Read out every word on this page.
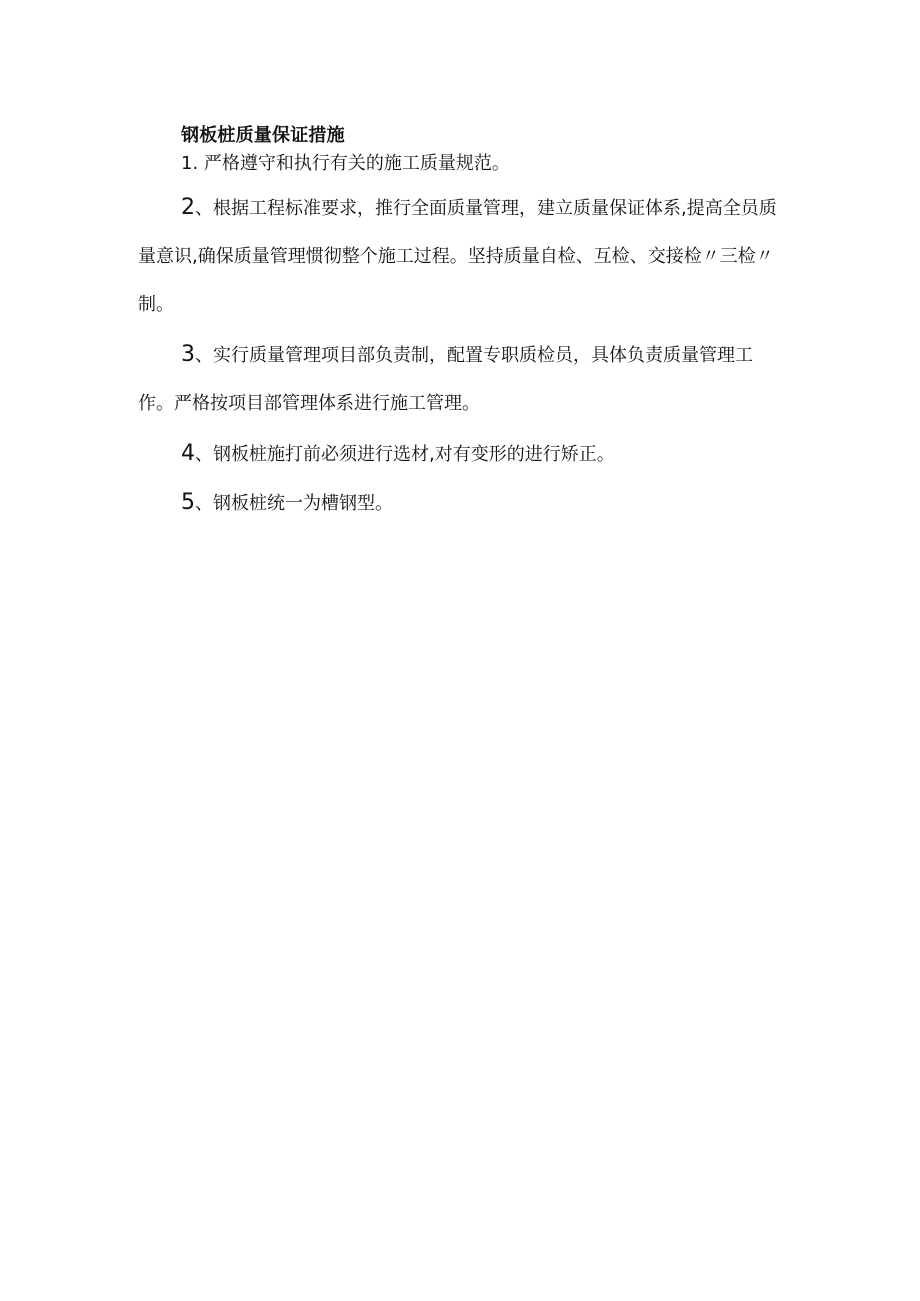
钢板桩质量保证措施

1. 严格遵守和执行有关的施工质量规范。

2、根据工程标准要求，推行全面质量管理，建立质量保证体系,提高全员质量意识,确保质量管理惯彻整个施工过程。坚持质量自检、互检、交接检〃三检〃制。

3、实行质量管理项目部负责制，配置专职质检员，具体负责质量管理工作。严格按项目部管理体系进行施工管理。

4、钢板桩施打前必须进行选材,对有变形的进行矫正。

5、钢板桩统一为槽钢型。
